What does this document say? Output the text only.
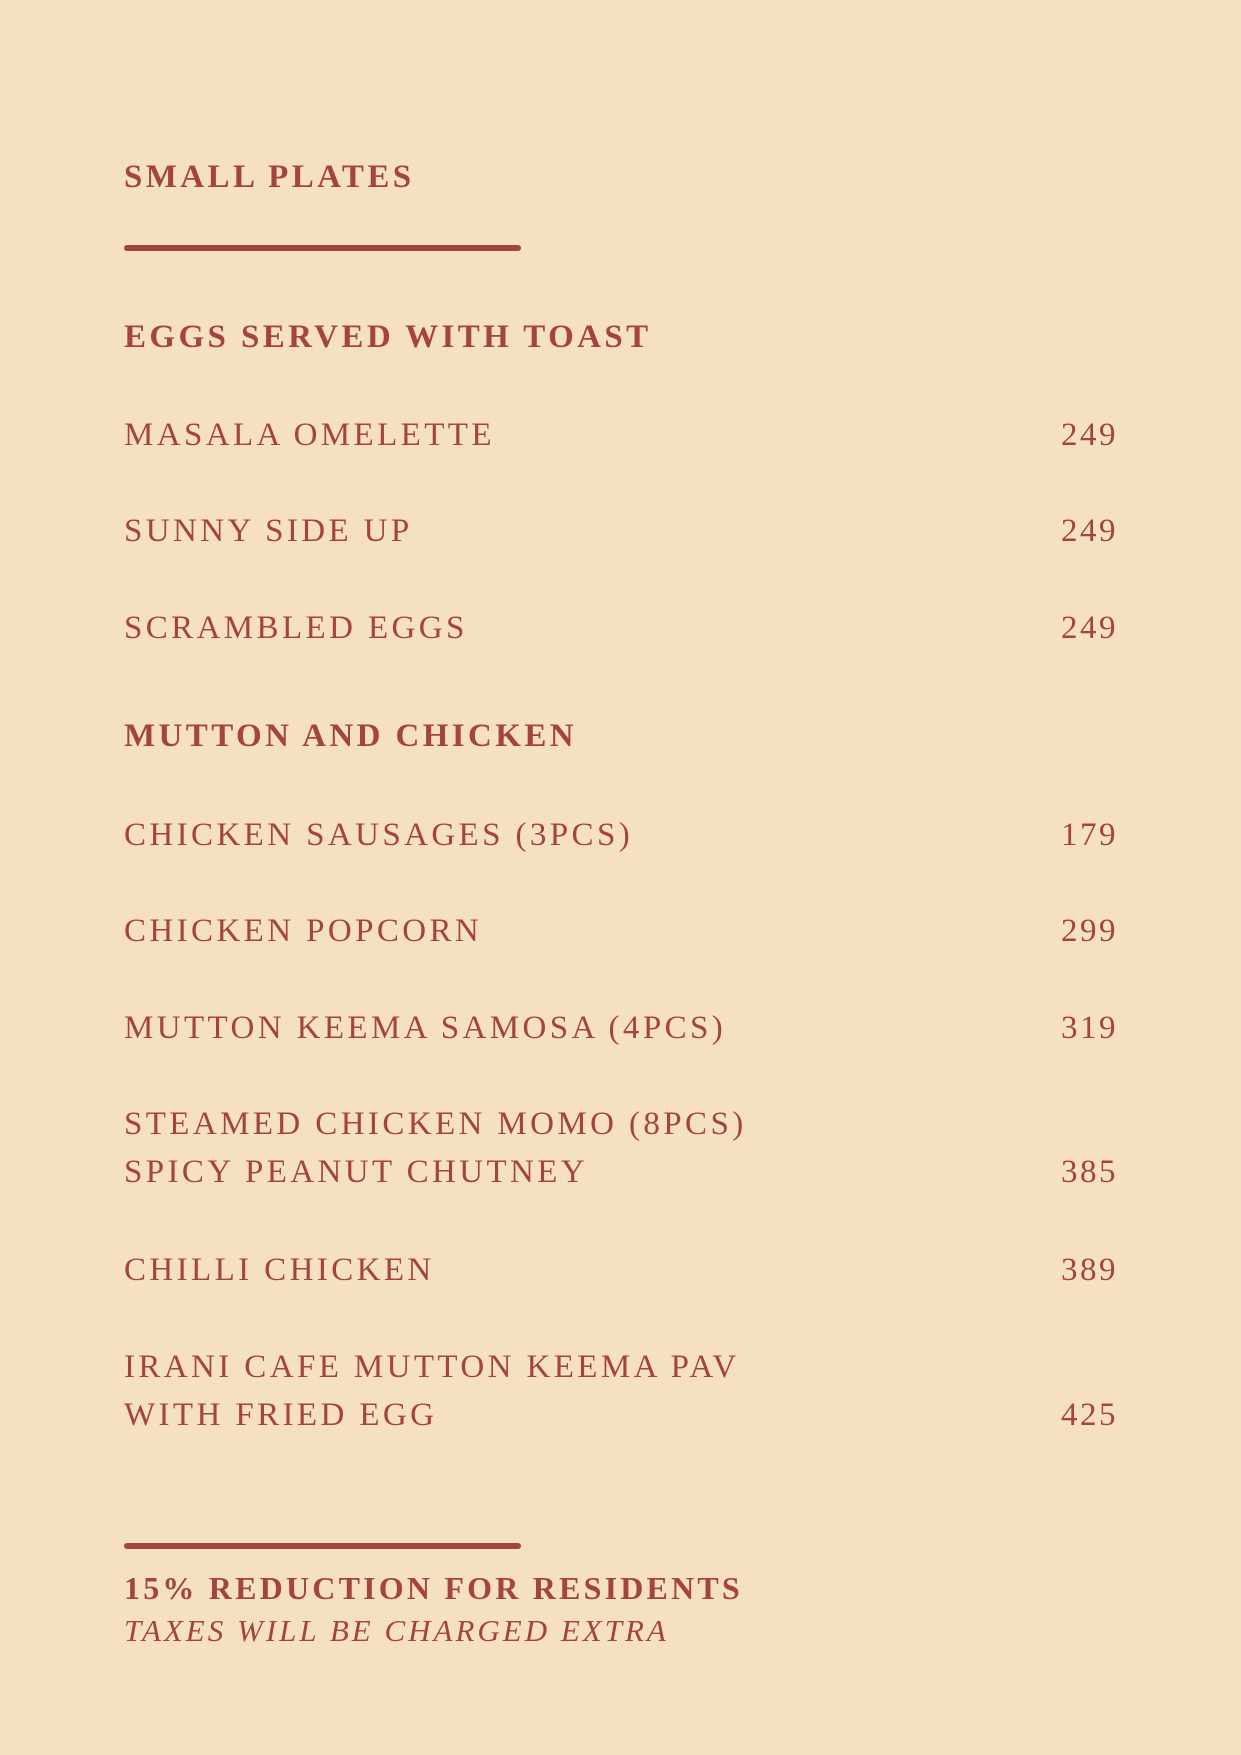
SMALL PLATES
EGGS SERVED WITH TOAST
MASALA OMELETTE	249
SUNNY SIDE UP	249
SCRAMBLED EGGS	249
MUTTON AND CHICKEN
CHICKEN SAUSAGES (3PCS)	179
CHICKEN POPCORN	299
MUTTON KEEMA SAMOSA (4PCS)	319
STEAMED CHICKEN MOMO (8PCS)
SPICY PEANUT CHUTNEY	385
CHILLI CHICKEN	389
IRANI CAFE MUTTON KEEMA PAV
WITH FRIED EGG	425
15% REDUCTION FOR RESIDENTS
TAXES WILL BE CHARGED EXTRA
